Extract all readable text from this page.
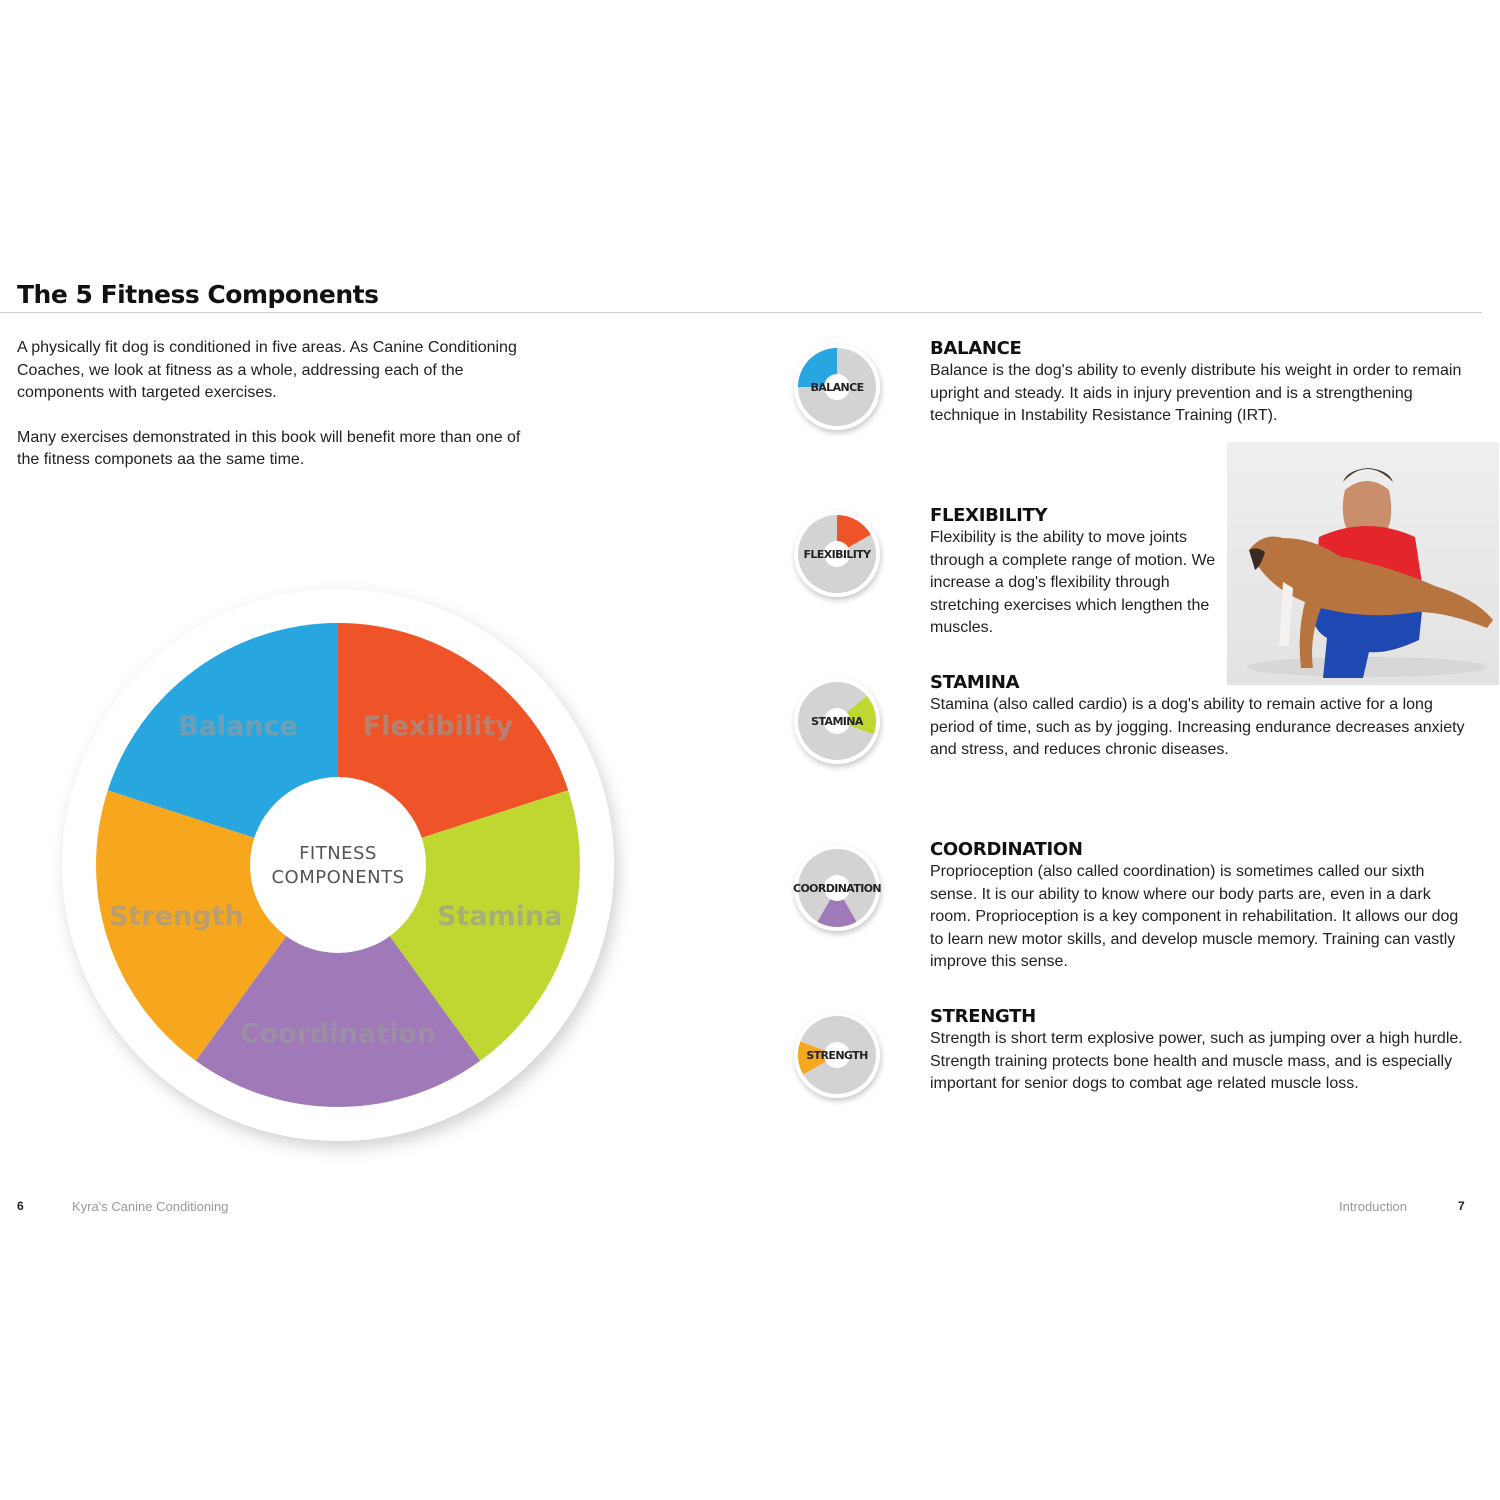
The 5 Fitness Components

A physically fit dog is conditioned in five areas. As Canine Conditioning Coaches, we look at fitness as a whole, addressing each of the components with targeted exercises.

Many exercises demonstrated in this book will benefit more than one of the fitness componets aa the same time.

FITNESS
COMPONENTS
Flexibility
Stamina
Coordination
Strength
Balance
BALANCE
BALANCE
Balance is the dog's ability to evenly distribute his weight in order to remain upright and steady. It aids in injury prevention and is a strengthening technique in Instability Resistance Training (IRT).
FLEXIBILITY
FLEXIBILITY
Flexibility is the ability to move joints through a complete range of motion. We increase a dog's flexibility through stretching exercises which lengthen the muscles.
STAMINA
STAMINA
Stamina (also called cardio) is a dog's ability to remain active for a long period of time, such as by jogging. Increasing endurance decreases anxiety and stress, and reduces chronic diseases.
COORDINATION
COORDINATION
Proprioception (also called coordination) is sometimes called our sixth sense. It is our ability to know where our body parts are, even in a dark room. Proprioception is a key component in rehabilitation. It allows our dog to learn new motor skills, and develop muscle memory. Training can vastly improve this sense.
STRENGTH
STRENGTH
Strength is short term explosive power, such as jumping over a high hurdle. Strength training protects bone health and muscle mass, and is especially important for senior dogs to combat age related muscle loss.
6	Kyra's Canine Conditioning	Introduction	7
